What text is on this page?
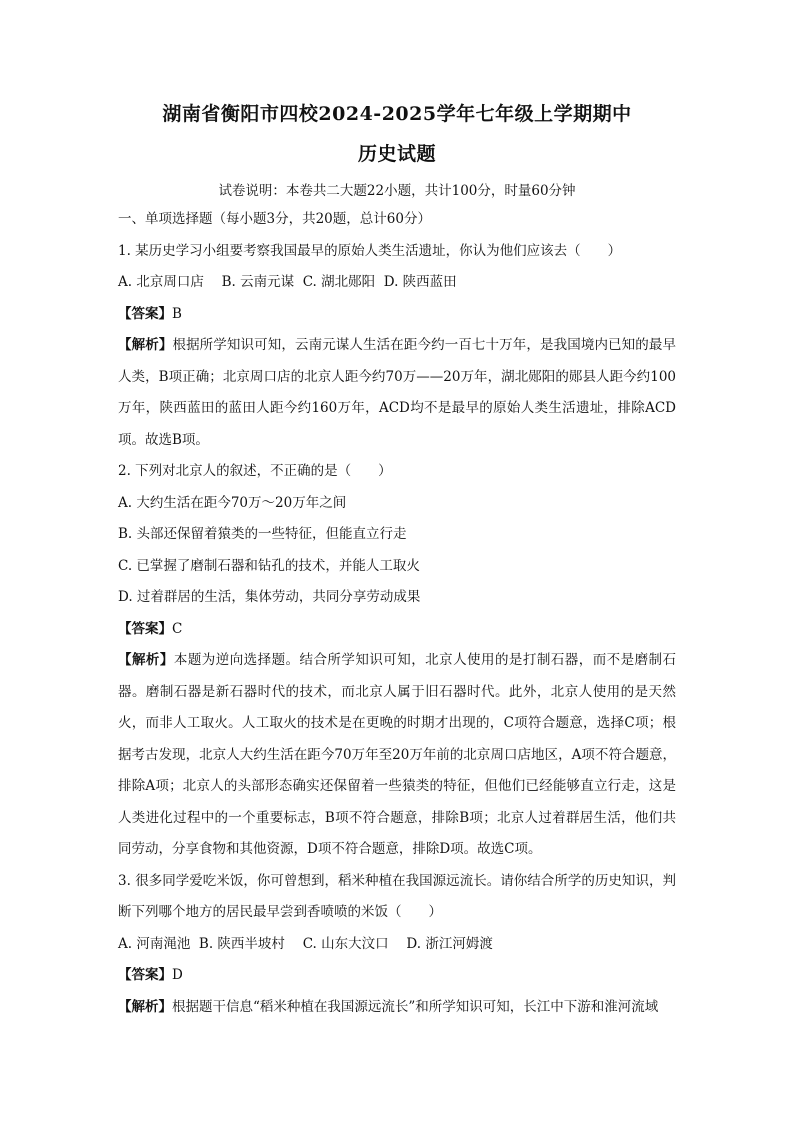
湖南省衡阳市四校2024-2025学年七年级上学期期中
历史试题
试卷说明：本卷共二大题22小题，共计100分，时量60分钟

一、单项选择题（每小题3分，共20题，总计60分）

1. 某历史学习小组要考察我国最早的原始人类生活遗址，你认为他们应该去（　　）

A. 北京周口店　 B. 云南元谋  C. 湖北郧阳  D. 陕西蓝田

【答案】B

【解析】根据所学知识可知，云南元谋人生活在距今约一百七十万年，是我国境内已知的最早人类，B项正确；北京周口店的北京人距今约70万——20万年，湖北郧阳的郧县人距今约100万年，陕西蓝田的蓝田人距今约160万年，ACD均不是最早的原始人类生活遗址，排除ACD项。故选B项。

2. 下列对北京人的叙述，不正确的是（　　）

A. 大约生活在距今70万～20万年之间

B. 头部还保留着猿类的一些特征，但能直立行走

C. 已掌握了磨制石器和钻孔的技术，并能人工取火

D. 过着群居的生活，集体劳动，共同分享劳动成果

【答案】C

【解析】本题为逆向选择题。结合所学知识可知，北京人使用的是打制石器，而不是磨制石器。磨制石器是新石器时代的技术，而北京人属于旧石器时代。此外，北京人使用的是天然火，而非人工取火。人工取火的技术是在更晚的时期才出现的，C项符合题意，选择C项；根据考古发现，北京人大约生活在距今70万年至20万年前的北京周口店地区，A项不符合题意，排除A项；北京人的头部形态确实还保留着一些猿类的特征，但他们已经能够直立行走，这是人类进化过程中的一个重要标志，B项不符合题意，排除B项；北京人过着群居生活，他们共同劳动，分享食物和其他资源，D项不符合题意，排除D项。故选C项。

3. 很多同学爱吃米饭，你可曾想到，稻米种植在我国源远流长。请你结合所学的历史知识，判断下列哪个地方的居民最早尝到香喷喷的米饭（　　）

A. 河南渑池  B. 陕西半坡村　 C. 山东大汶口　 D. 浙江河姆渡

【答案】D

【解析】根据题干信息“稻米种植在我国源远流长”和所学知识可知，长江中下游和淮河流域
